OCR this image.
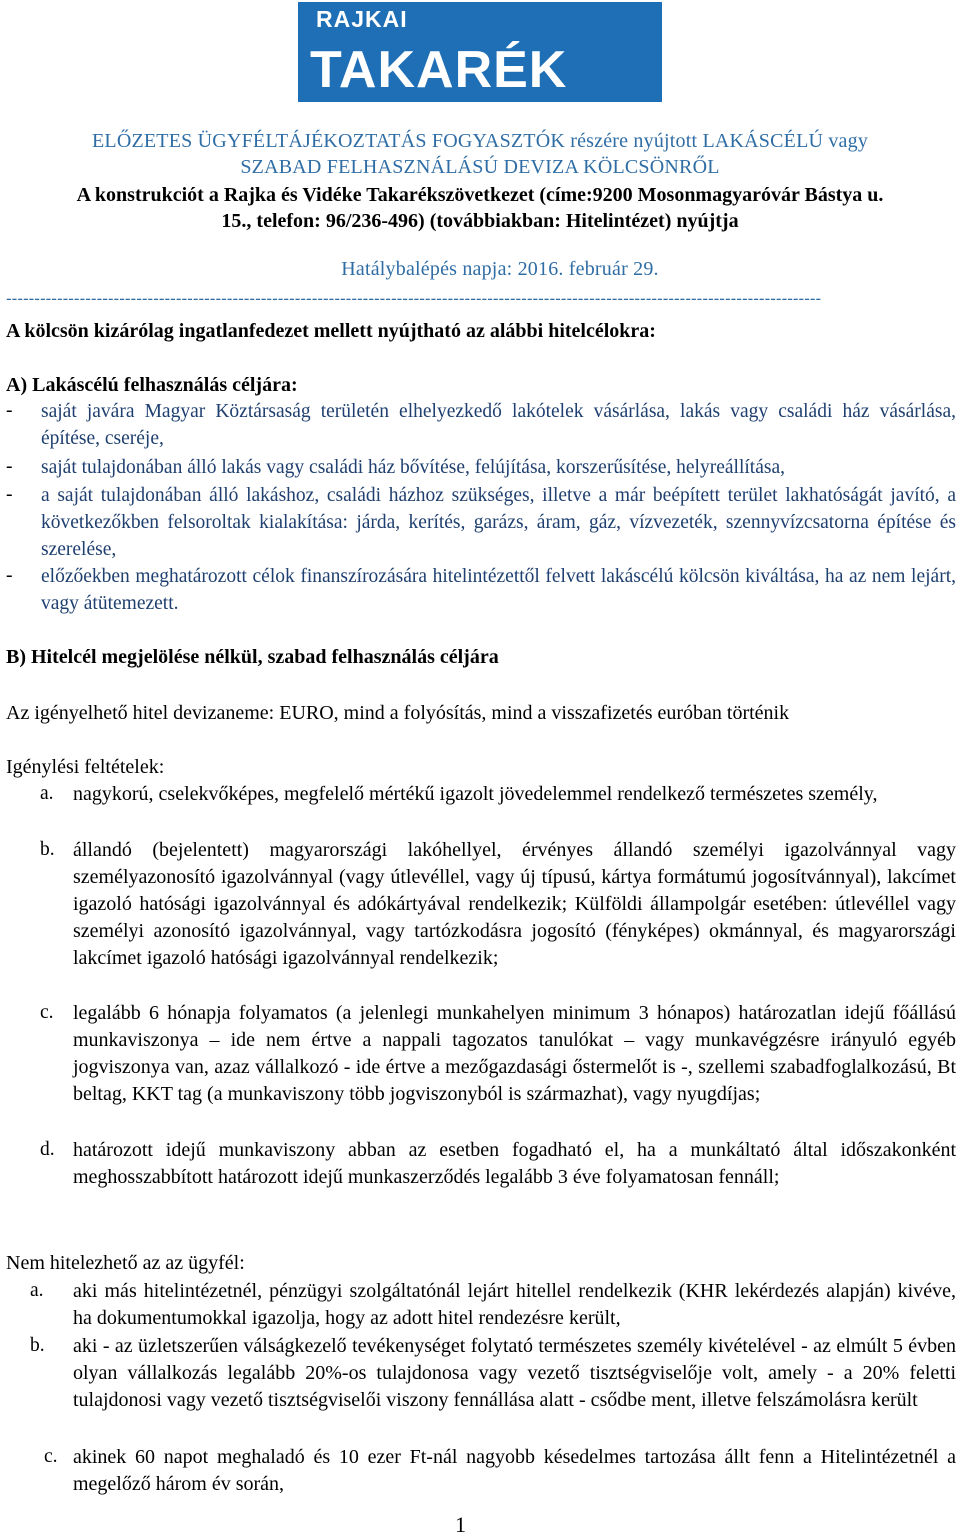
RAJKAI
TAKARÉK
ELŐZETES ÜGYFÉLTÁJÉKOZTATÁS FOGYASZTÓK részére nyújtott LAKÁSCÉLÚ vagy
SZABAD FELHASZNÁLÁSÚ DEVIZA KÖLCSÖNRŐL
A konstrukciót a Rajka és Vidéke Takarékszövetkezet (címe:9200 Mosonmagyaróvár Bástya u.
15., telefon: 96/236-496) (továbbiakban: Hitelintézet) nyújtja
Hatálybalépés napja: 2016. február 29.
------------------------------------------------------------------------------------------------------------------------------------------------
A kölcsön kizárólag ingatlanfedezet mellett nyújtható az alábbi hitelcélokra:
A) Lakáscélú felhasználás céljára:
- saját javára Magyar Köztársaság területén elhelyezkedő lakótelek vásárlása, lakás vagy családi ház vásárlása, építése, cseréje,
- saját tulajdonában álló lakás vagy családi ház bővítése, felújítása, korszerűsítése, helyreállítása,
- a saját tulajdonában álló lakáshoz, családi házhoz szükséges, illetve a már beépített terület lakhatóságát javító, a következőkben felsoroltak kialakítása: járda, kerítés, garázs, áram, gáz, vízvezeték, szennyvízcsatorna építése és szerelése,
- előzőekben meghatározott célok finanszírozására hitelintézettől felvett lakáscélú kölcsön kiváltása, ha az nem lejárt, vagy átütemezett.
B) Hitelcél megjelölése nélkül, szabad felhasználás céljára
Az igényelhető hitel devizaneme: EURO, mind a folyósítás, mind a visszafizetés euróban történik
Igénylési feltételek:
a. nagykorú, cselekvőképes, megfelelő mértékű igazolt jövedelemmel rendelkező természetes személy,
b. állandó (bejelentett) magyarországi lakóhellyel, érvényes állandó személyi igazolvánnyal vagy személyazonosító igazolvánnyal (vagy útlevéllel, vagy új típusú, kártya formátumú jogosítvánnyal), lakcímet igazoló hatósági igazolvánnyal és adókártyával rendelkezik; Külföldi állampolgár esetében: útlevéllel vagy személyi azonosító igazolvánnyal, vagy tartózkodásra jogosító (fényképes) okmánnyal, és magyarországi lakcímet igazoló hatósági igazolvánnyal rendelkezik;
c. legalább 6 hónapja folyamatos (a jelenlegi munkahelyen minimum 3 hónapos) határozatlan idejű főállású munkaviszonya – ide nem értve a nappali tagozatos tanulókat – vagy munkavégzésre irányuló egyéb jogviszonya van, azaz vállalkozó - ide értve a mezőgazdasági őstermelőt is -, szellemi szabadfoglalkozású, Bt beltag, KKT tag (a munkaviszony több jogviszonyból is származhat), vagy nyugdíjas;
d. határozott idejű munkaviszony abban az esetben fogadható el, ha a munkáltató által időszakonként meghosszabbított határozott idejű munkaszerződés legalább 3 éve folyamatosan fennáll;
Nem hitelezhető az az ügyfél:
a. aki más hitelintézetnél, pénzügyi szolgáltatónál lejárt hitellel rendelkezik (KHR lekérdezés alapján) kivéve, ha dokumentumokkal igazolja, hogy az adott hitel rendezésre került,
b. aki - az üzletszerűen válságkezelő tevékenységet folytató természetes személy kivételével - az elmúlt 5 évben olyan vállalkozás legalább 20%-os tulajdonosa vagy vezető tisztségviselője volt, amely - a 20% feletti tulajdonosi vagy vezető tisztségviselői viszony fennállása alatt - csődbe ment, illetve felszámolásra került
c. akinek 60 napot meghaladó és 10 ezer Ft-nál nagyobb késedelmes tartozása állt fenn a Hitelintézetnél a megelőző három év során,
1
